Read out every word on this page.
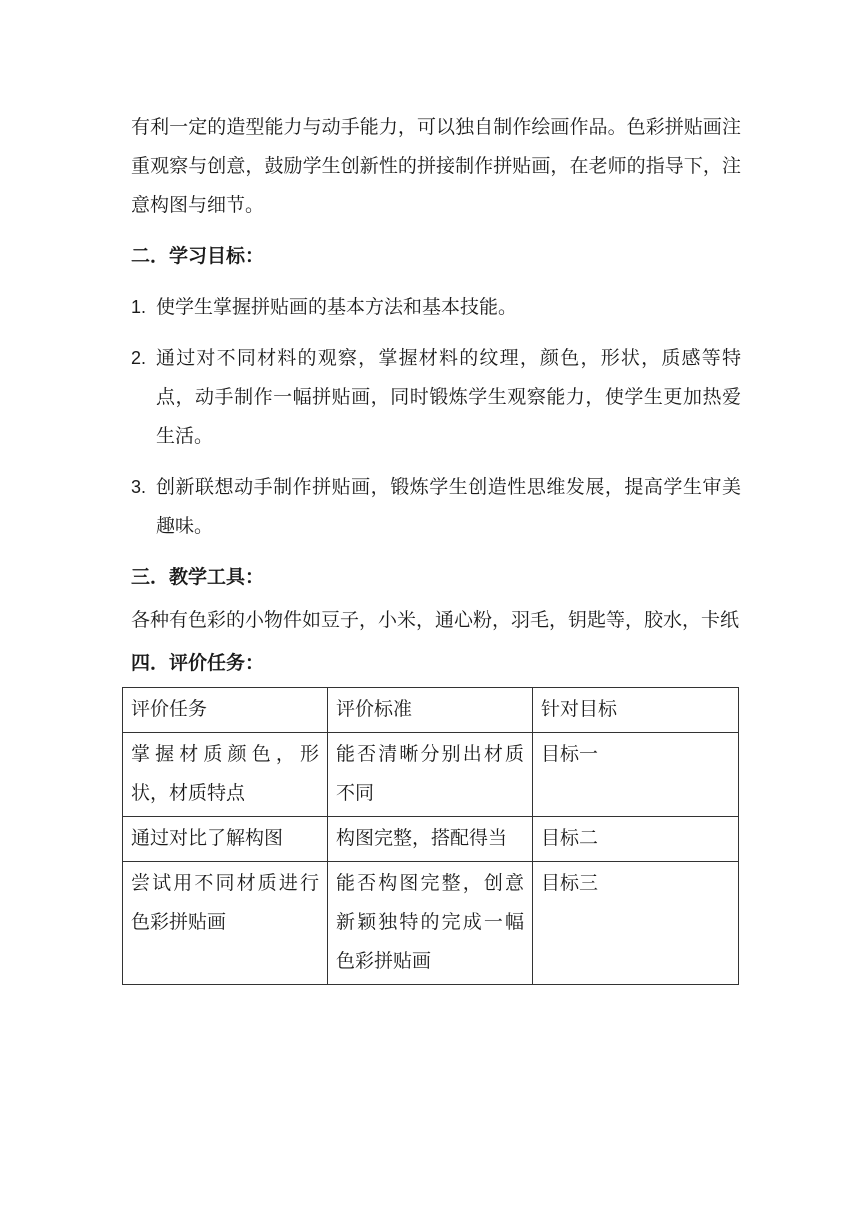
有利一定的造型能力与动手能力，可以独自制作绘画作品。色彩拼贴画注重观察与创意，鼓励学生创新性的拼接制作拼贴画，在老师的指导下，注意构图与细节。

二．学习目标：

1. 使学生掌握拼贴画的基本方法和基本技能。
2. 通过对不同材料的观察，掌握材料的纹理，颜色，形状，质感等特点，动手制作一幅拼贴画，同时锻炼学生观察能力，使学生更加热爱生活。
3. 创新联想动手制作拼贴画，锻炼学生创造性思维发展，提高学生审美趣味。

三．教学工具：

各种有色彩的小物件如豆子，小米，通心粉，羽毛，钥匙等，胶水，卡纸

四．评价任务：

评价任务	评价标准	针对目标
掌握材质颜色，形状，材质特点	能否清晰分别出材质不同	目标一
通过对比了解构图	构图完整，搭配得当	目标二
尝试用不同材质进行色彩拼贴画	能否构图完整，创意新颖独特的完成一幅色彩拼贴画	目标三
